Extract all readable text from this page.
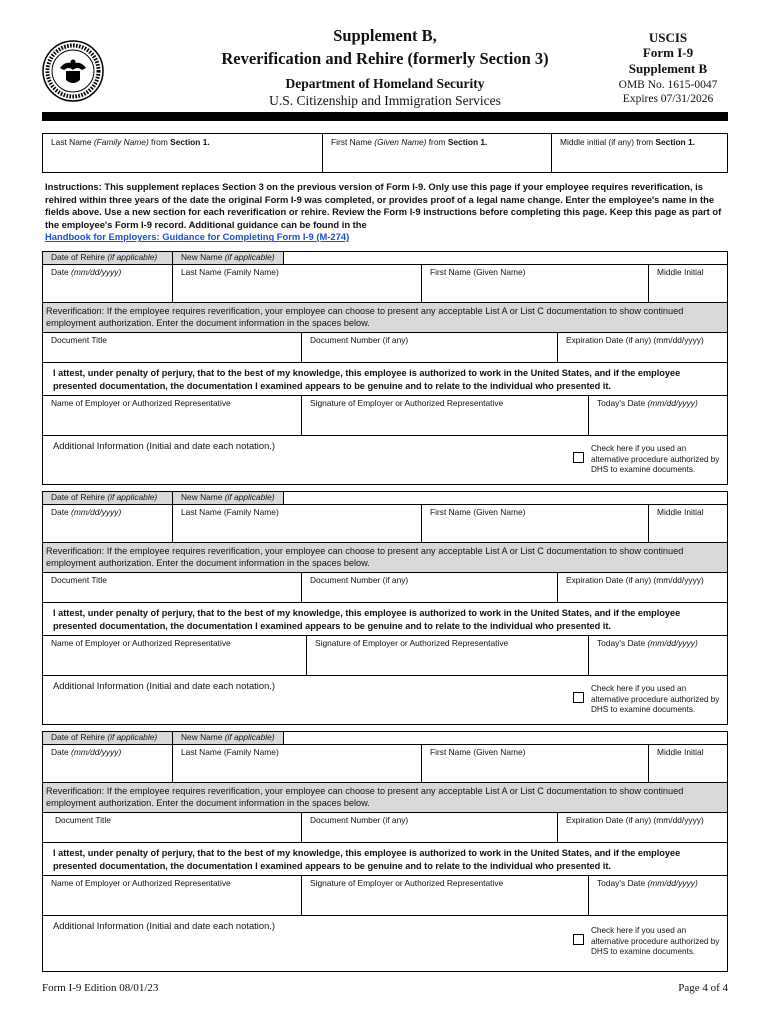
Supplement B,
Reverification and Rehire (formerly Section 3)
Department of Homeland Security
U.S. Citizenship and Immigration Services
USCIS
Form I-9
Supplement B
OMB No. 1615-0047
Expires 07/31/2026
Last Name (Family Name) from Section 1.	First Name (Given Name) from Section 1.	Middle initial (if any) from Section 1.
Instructions: This supplement replaces Section 3 on the previous version of Form I-9. Only use this page if your employee requires reverification, is rehired within three years of the date the original Form I-9 was completed, or provides proof of a legal name change. Enter the employee's name in the fields above. Use a new section for each reverification or rehire. Review the Form I-9 instructions before completing this page. Keep this page as part of the employee's Form I-9 record. Additional guidance can be found in the
Handbook for Employers: Guidance for Completing Form I-9 (M-274)
Date of Rehire (if applicable)	New Name (if applicable)
Date (mm/dd/yyyy)	Last Name (Family Name)	First Name (Given Name)	Middle Initial
Reverification: If the employee requires reverification, your employee can choose to present any acceptable List A or List C documentation to show continued employment authorization. Enter the document information in the spaces below.
Document Title	Document Number (if any)	Expiration Date (if any) (mm/dd/yyyy)
I attest, under penalty of perjury, that to the best of my knowledge, this employee is authorized to work in the United States, and if the employee presented documentation, the documentation I examined appears to be genuine and to relate to the individual who presented it.
Name of Employer or Authorized Representative	Signature of Employer or Authorized Representative	Today's Date (mm/dd/yyyy)
Additional Information (Initial and date each notation.)	Check here if you used an alternative procedure authorized by DHS to examine documents.
Date of Rehire (if applicable)	New Name (if applicable)
Date (mm/dd/yyyy)	Last Name (Family Name)	First Name (Given Name)	Middle Initial
Reverification: If the employee requires reverification, your employee can choose to present any acceptable List A or List C documentation to show continued employment authorization. Enter the document information in the spaces below.
Document Title	Document Number (if any)	Expiration Date (if any) (mm/dd/yyyy)
I attest, under penalty of perjury, that to the best of my knowledge, this employee is authorized to work in the United States, and if the employee presented documentation, the documentation I examined appears to be genuine and to relate to the individual who presented it.
Name of Employer or Authorized Representative	Signature of Employer or Authorized Representative	Today's Date (mm/dd/yyyy)
Additional Information (Initial and date each notation.)	Check here if you used an alternative procedure authorized by DHS to examine documents.
Date of Rehire (if applicable)	New Name (if applicable)
Date (mm/dd/yyyy)	Last Name (Family Name)	First Name (Given Name)	Middle Initial
Reverification: If the employee requires reverification, your employee can choose to present any acceptable List A or List C documentation to show continued employment authorization. Enter the document information in the spaces below.
Document Title	Document Number (if any)	Expiration Date (if any) (mm/dd/yyyy)
I attest, under penalty of perjury, that to the best of my knowledge, this employee is authorized to work in the United States, and if the employee presented documentation, the documentation I examined appears to be genuine and to relate to the individual who presented it.
Name of Employer or Authorized Representative	Signature of Employer or Authorized Representative	Today's Date (mm/dd/yyyy)
Additional Information (Initial and date each notation.)	Check here if you used an alternative procedure authorized by DHS to examine documents.
Form I-9 Edition 08/01/23	Page 4 of 4
